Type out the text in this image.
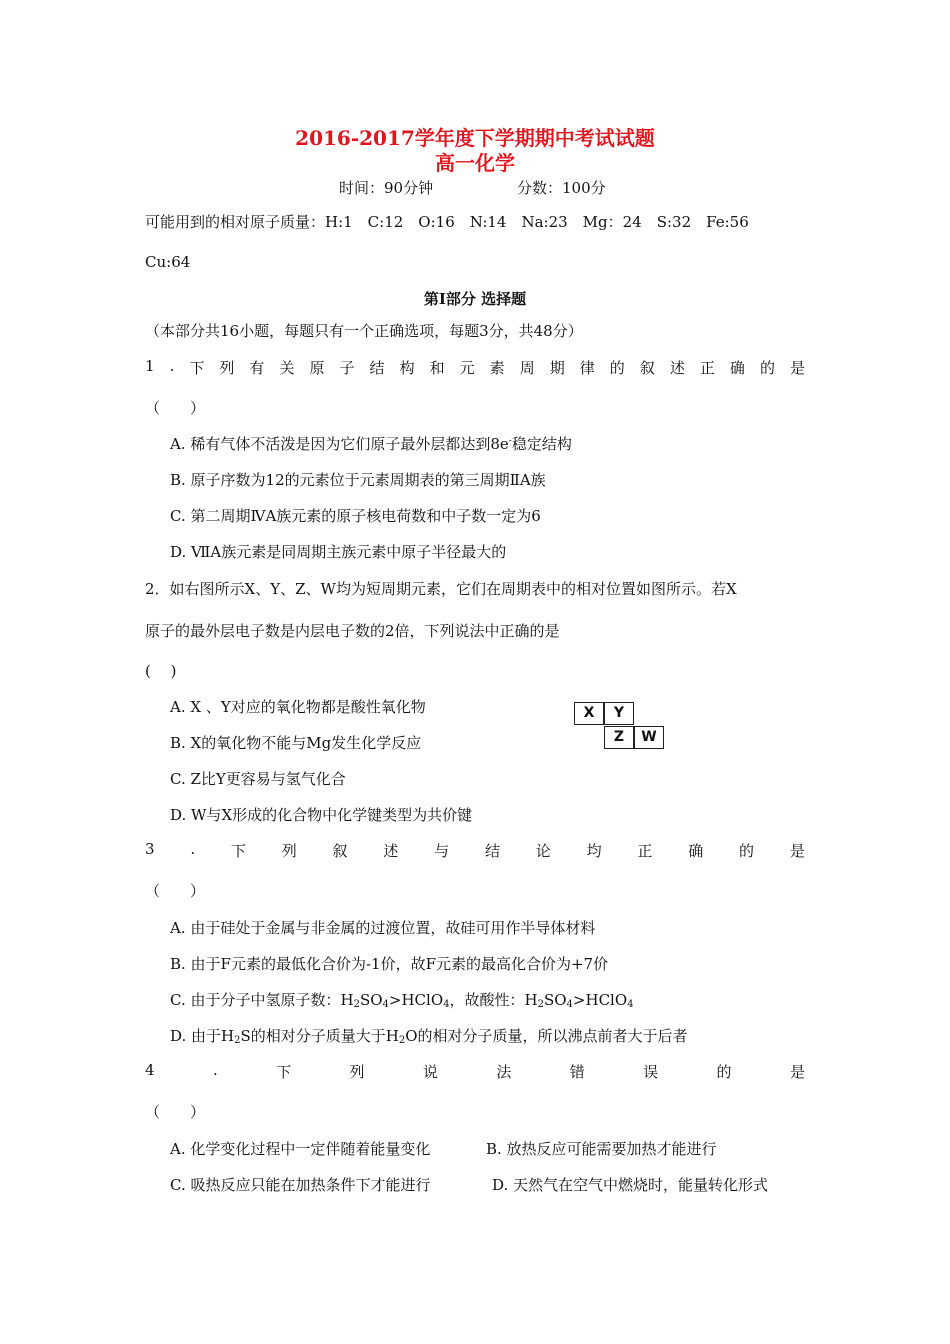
2016-2017学年度下学期期中考试试题
高一化学
时间：90分钟	分数：100分
可能用到的相对原子质量：H:1　C:12　O:16　N:14　Na:23　Mg：24　S:32　Fe:56
Cu:64
第Ⅰ部分 选择题
（本部分共16小题，每题只有一个正确选项，每题3分，共48分）
1 . 下 列 有 关 原 子 结 构 和 元 素 周 期 律 的 叙 述 正 确 的 是
（　　）
A. 稀有气体不活泼是因为它们原子最外层都达到8e-稳定结构
B. 原子序数为12的元素位于元素周期表的第三周期ⅡA族
C. 第二周期ⅣA族元素的原子核电荷数和中子数一定为6
D. ⅦA族元素是同周期主族元素中原子半径最大的
2．如右图所示X、Y、Z、W均为短周期元素，它们在周期表中的相对位置如图所示。若X
原子的最外层电子数是内层电子数的2倍，下列说法中正确的是
(　 )
A. X 、Y对应的氧化物都是酸性氧化物
B. X的氧化物不能与Mg发生化学反应
C. Z比Y更容易与氢气化合
D. W与X形成的化合物中化学键类型为共价键
X	Y
Z	W
3 . 下 列 叙 述 与 结 论 均 正 确 的 是
（　　）
A. 由于硅处于金属与非金属的过渡位置，故硅可用作半导体材料
B. 由于F元素的最低化合价为-1价，故F元素的最高化合价为+7价
C. 由于分子中氢原子数：$H_2SO_4>HClO_4$，故酸性：$H_2SO_4>HClO_4$
D. 由于$H_2S$的相对分子质量大于$H_2O$的相对分子质量，所以沸点前者大于后者
4	.	下	列	说	法	错	误	的	是
（　　）
A. 化学变化过程中一定伴随着能量变化	B. 放热反应可能需要加热才能进行
C. 吸热反应只能在加热条件下才能进行	D. 天然气在空气中燃烧时，能量转化形式
